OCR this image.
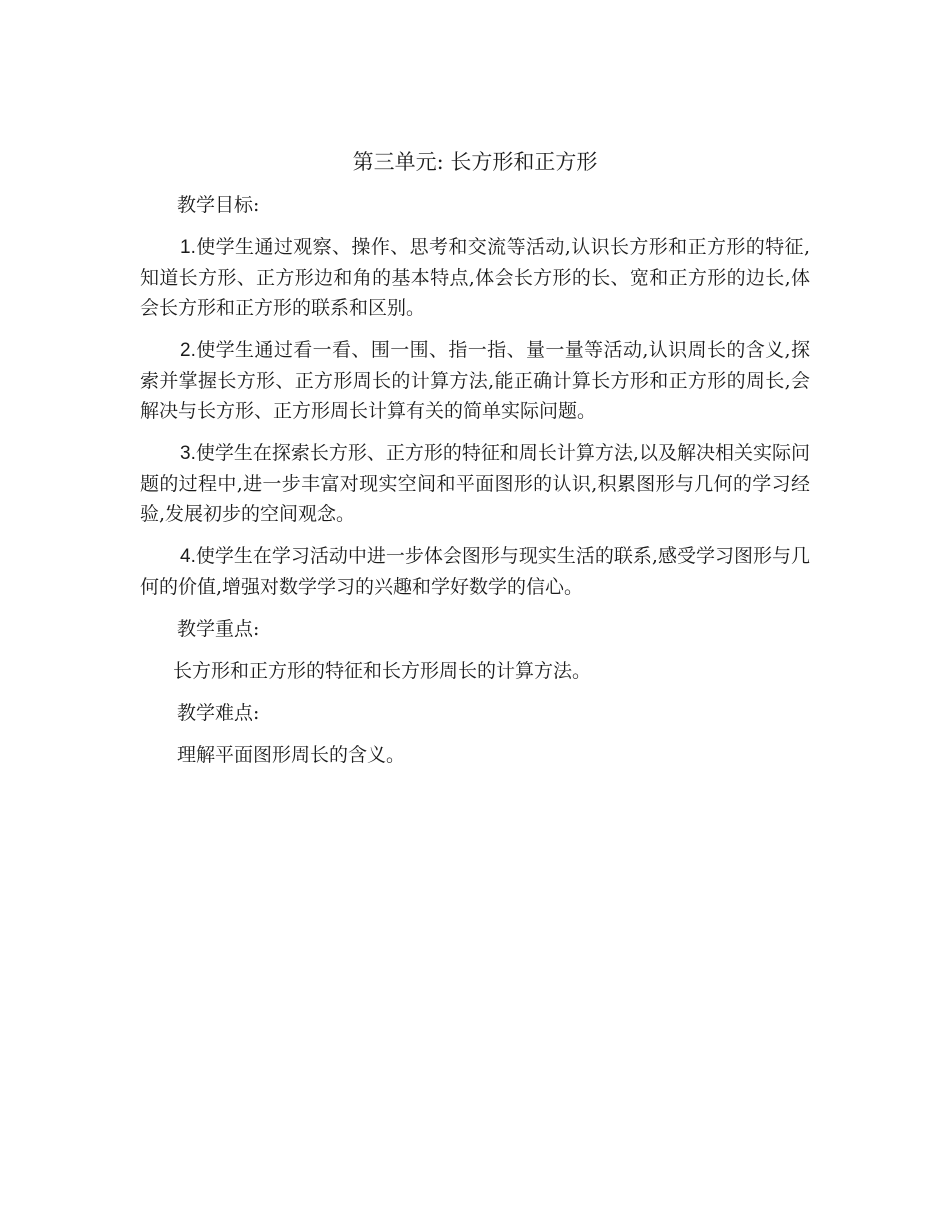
第三单元: 长方形和正方形
教学目标:

1.使学生通过观察、操作、思考和交流等活动,认识长方形和正方形的特征,知道长方形、正方形边和角的基本特点,体会长方形的长、宽和正方形的边长,体会长方形和正方形的联系和区别。

2.使学生通过看一看、围一围、指一指、量一量等活动,认识周长的含义,探索并掌握长方形、正方形周长的计算方法,能正确计算长方形和正方形的周长,会解决与长方形、正方形周长计算有关的简单实际问题。

3.使学生在探索长方形、正方形的特征和周长计算方法,以及解决相关实际问题的过程中,进一步丰富对现实空间和平面图形的认识,积累图形与几何的学习经验,发展初步的空间观念。

4.使学生在学习活动中进一步体会图形与现实生活的联系,感受学习图形与几何的价值,增强对数学学习的兴趣和学好数学的信心。

教学重点:
长方形和正方形的特征和长方形周长的计算方法。
教学难点:
理解平面图形周长的含义。
